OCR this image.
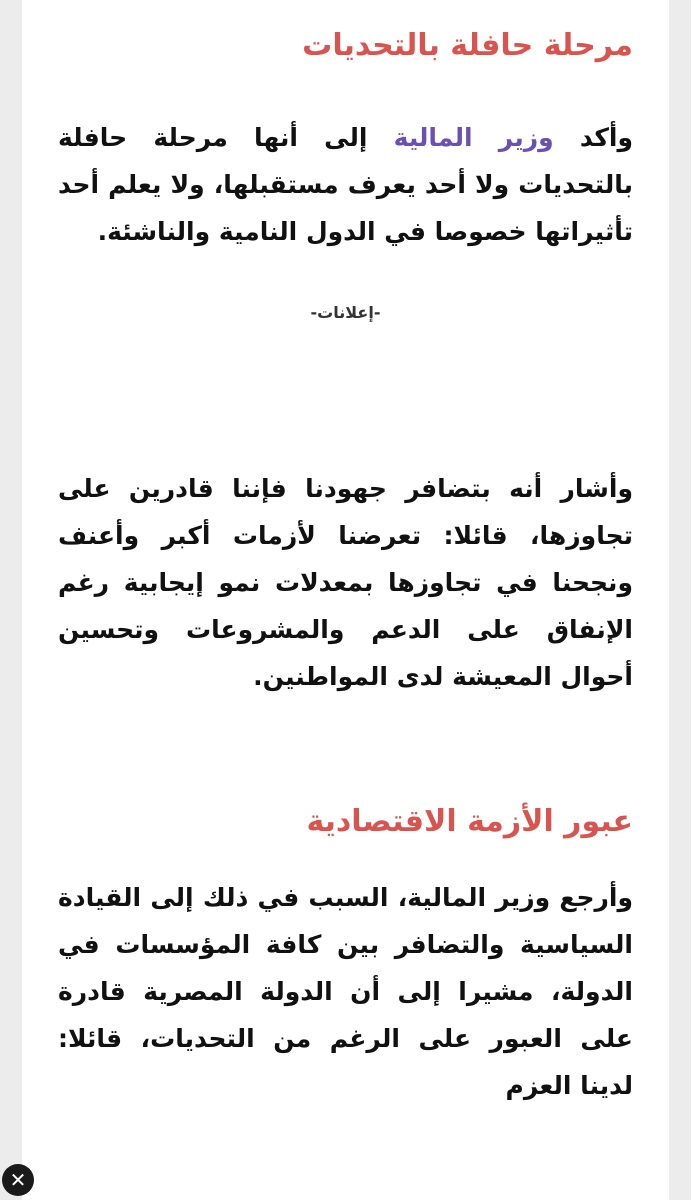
مرحلة حافلة بالتحديات

وأكد وزير المالية إلى أنها مرحلة حافلة بالتحديات ولا أحد يعرف مستقبلها، ولا يعلم أحد تأثيراتها خصوصا في الدول النامية والناشئة.

-إعلانات-

وأشار أنه بتضافر جهودنا فإننا قادرين على تجاوزها، قائلا: تعرضنا لأزمات أكبر وأعنف ونجحنا في تجاوزها بمعدلات نمو إيجابية رغم الإنفاق على الدعم والمشروعات وتحسين أحوال المعيشة لدى المواطنين.

عبور الأزمة الاقتصادية

وأرجع وزير المالية، السبب في ذلك إلى القيادة السياسية والتضافر بين كافة المؤسسات في الدولة، مشيرا إلى أن الدولة المصرية قادرة على العبور على الرغم من التحديات، قائلا: لدينا العزم

✕
